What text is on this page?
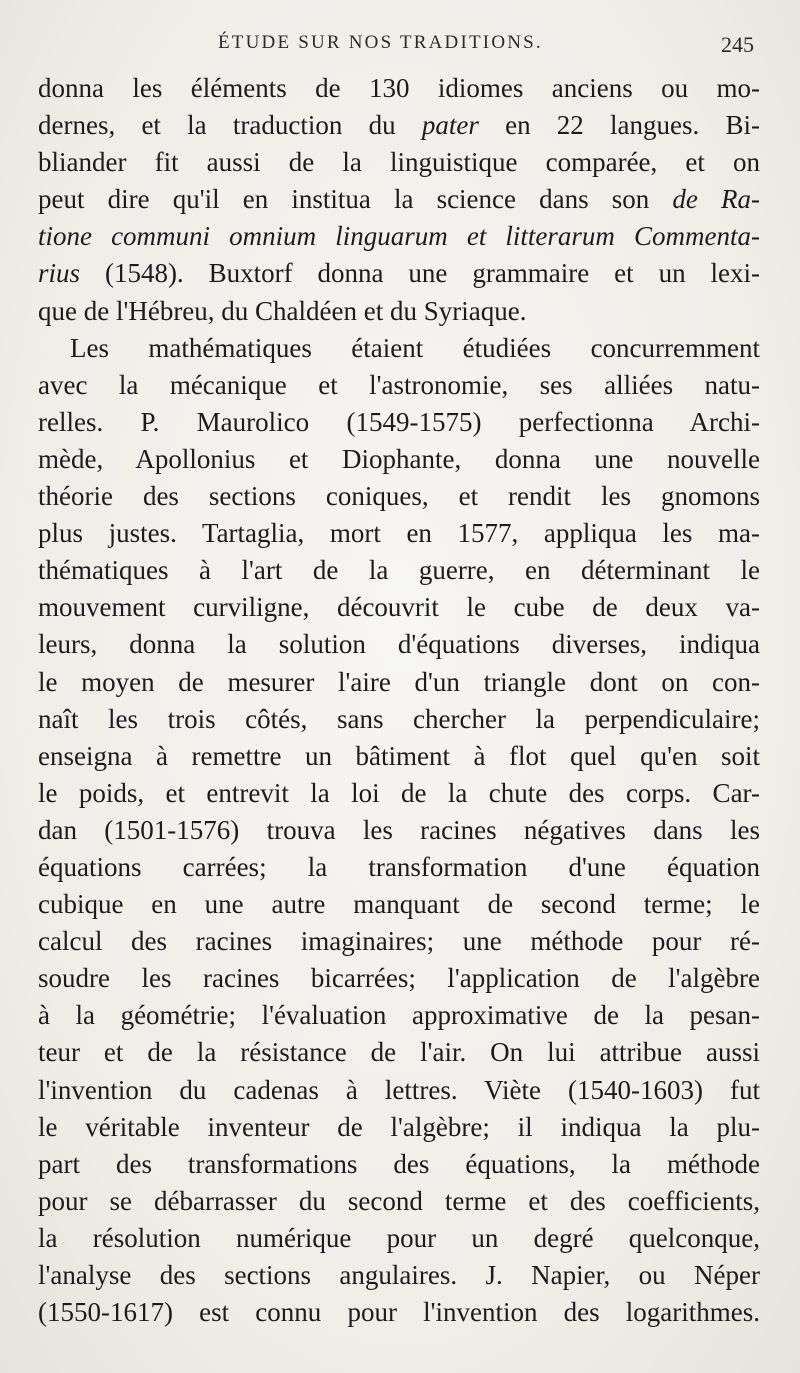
ÉTUDE SUR NOS TRADITIONS.	245
donna les éléments de 130 idiomes anciens ou mo-
dernes, et la traduction du pater en 22 langues. Bi-
bliander fit aussi de la linguistique comparée, et on
peut dire qu'il en institua la science dans son de Ra-
tione communi omnium linguarum et litterarum Commenta-
rius (1548). Buxtorf donna une grammaire et un lexi-
que de l'Hébreu, du Chaldéen et du Syriaque.
Les mathématiques étaient étudiées concurremment
avec la mécanique et l'astronomie, ses alliées natu-
relles. P. Maurolico (1549-1575) perfectionna Archi-
mède, Apollonius et Diophante, donna une nouvelle
théorie des sections coniques, et rendit les gnomons
plus justes. Tartaglia, mort en 1577, appliqua les ma-
thématiques à l'art de la guerre, en déterminant le
mouvement curviligne, découvrit le cube de deux va-
leurs, donna la solution d'équations diverses, indiqua
le moyen de mesurer l'aire d'un triangle dont on con-
naît les trois côtés, sans chercher la perpendiculaire;
enseigna à remettre un bâtiment à flot quel qu'en soit
le poids, et entrevit la loi de la chute des corps. Car-
dan (1501-1576) trouva les racines négatives dans les
équations carrées; la transformation d'une équation
cubique en une autre manquant de second terme; le
calcul des racines imaginaires; une méthode pour ré-
soudre les racines bicarrées; l'application de l'algèbre
à la géométrie; l'évaluation approximative de la pesan-
teur et de la résistance de l'air. On lui attribue aussi
l'invention du cadenas à lettres. Viète (1540-1603) fut
le véritable inventeur de l'algèbre; il indiqua la plu-
part des transformations des équations, la méthode
pour se débarrasser du second terme et des coefficients,
la résolution numérique pour un degré quelconque,
l'analyse des sections angulaires. J. Napier, ou Néper
(1550-1617) est connu pour l'invention des logarithmes.
